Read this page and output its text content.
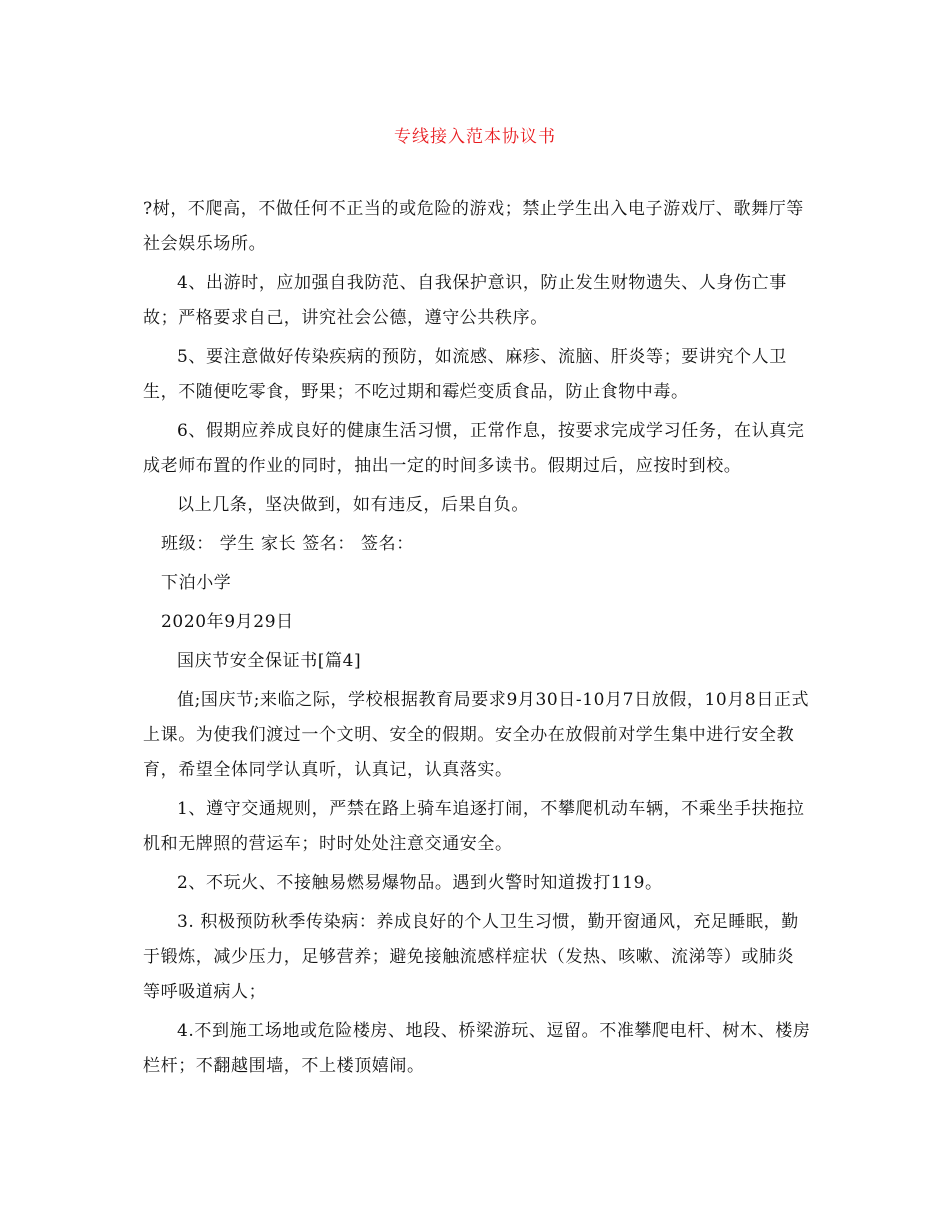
专线接入范本协议书

?树，不爬高，不做任何不正当的或危险的游戏；禁止学生出入电子游戏厅、歌舞厅等社会娱乐场所。

4、出游时，应加强自我防范、自我保护意识，防止发生财物遗失、人身伤亡事故；严格要求自己，讲究社会公德，遵守公共秩序。

5、要注意做好传染疾病的预防，如流感、麻疹、流脑、肝炎等；要讲究个人卫生，不随便吃零食，野果；不吃过期和霉烂变质食品，防止食物中毒。

6、假期应养成良好的健康生活习惯，正常作息，按要求完成学习任务，在认真完成老师布置的作业的同时，抽出一定的时间多读书。假期过后，应按时到校。

以上几条，坚决做到，如有违反，后果自负。

班级： 学生 家长 签名： 签名：

下泊小学

2020年9月29日

国庆节安全保证书[篇4]

值;国庆节;来临之际，学校根据教育局要求9月30日-10月7日放假，10月8日正式上课。为使我们渡过一个文明、安全的假期。安全办在放假前对学生集中进行安全教育，希望全体同学认真听，认真记，认真落实。

1、遵守交通规则，严禁在路上骑车追逐打闹，不攀爬机动车辆，不乘坐手扶拖拉机和无牌照的营运车；时时处处注意交通安全。

2、不玩火、不接触易燃易爆物品。遇到火警时知道拨打119。

3. 积极预防秋季传染病：养成良好的个人卫生习惯，勤开窗通风，充足睡眠，勤于锻炼，减少压力，足够营养；避免接触流感样症状（发热、咳嗽、流涕等）或肺炎等呼吸道病人；

4.不到施工场地或危险楼房、地段、桥梁游玩、逗留。不准攀爬电杆、树木、楼房栏杆；不翻越围墙，不上楼顶嬉闹。
